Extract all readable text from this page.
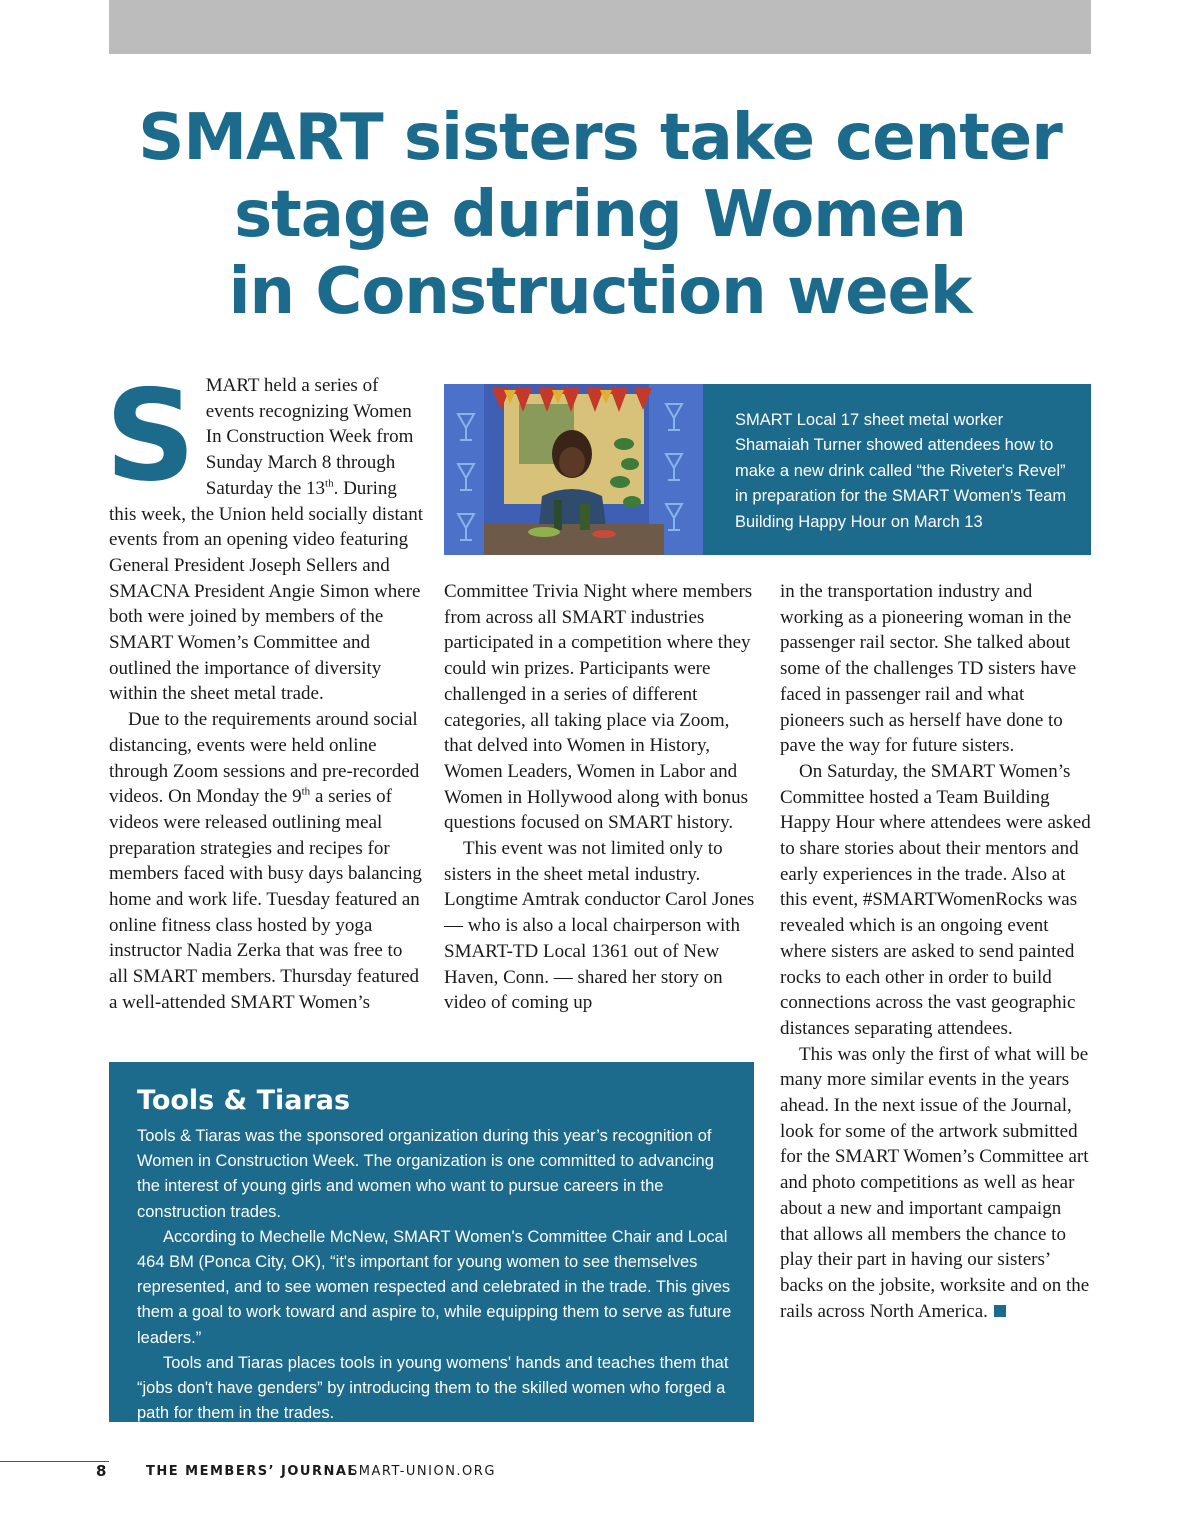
SMART sisters take center
stage during Women
in Construction week

SMART held a series of events recognizing Women In Construction Week from Sunday March 8 through Saturday the 13th. During this week, the Union held socially distant events from an opening video featuring General President Joseph Sellers and SMACNA President Angie Simon where both were joined by members of the SMART Women’s Committee and outlined the importance of diversity within the sheet metal trade.

Due to the requirements around social distancing, events were held online through Zoom sessions and pre-recorded videos. On Monday the 9th a series of videos were released outlining meal preparation strategies and recipes for members faced with busy days balancing home and work life. Tuesday featured an online fitness class hosted by yoga instructor Nadia Zerka that was free to all SMART members. Thursday featured a well-attended SMART Women’s

SMART Local 17 sheet metal worker Shamaiah Turner showed attendees how to make a new drink called “the Riveter's Revel” in preparation for the SMART Women's Team Building Happy Hour on March 13

Committee Trivia Night where members from across all SMART industries participated in a competition where they could win prizes. Participants were challenged in a series of different categories, all taking place via Zoom, that delved into Women in History, Women Leaders, Women in Labor and Women in Hollywood along with bonus questions focused on SMART history.

This event was not limited only to sisters in the sheet metal industry. Longtime Amtrak conductor Carol Jones — who is also a local chairperson with SMART-TD Local 1361 out of New Haven, Conn. — shared her story on video of coming up

in the transportation industry and working as a pioneering woman in the passenger rail sector. She talked about some of the challenges TD sisters have faced in passenger rail and what pioneers such as herself have done to pave the way for future sisters.

On Saturday, the SMART Women’s Committee hosted a Team Building Happy Hour where attendees were asked to share stories about their mentors and early experiences in the trade. Also at this event, #SMARTWomenRocks was revealed which is an ongoing event where sisters are asked to send painted rocks to each other in order to build connections across the vast geographic distances separating attendees.

This was only the first of what will be many more similar events in the years ahead. In the next issue of the Journal, look for some of the artwork submitted for the SMART Women’s Committee art and photo competitions as well as hear about a new and important campaign that allows all members the chance to play their part in having our sisters’ backs on the jobsite, worksite and on the rails across North America.

Tools & Tiaras

Tools & Tiaras was the sponsored organization during this year’s recognition of Women in Construction Week. The organization is one committed to advancing the interest of young girls and women who want to pursue careers in the construction trades.

According to Mechelle McNew, SMART Women's Committee Chair and Local 464 BM (Ponca City, OK), “it's important for young women to see themselves represented, and to see women respected and celebrated in the trade. This gives them a goal to work toward and aspire to, while equipping them to serve as future leaders.”

Tools and Tiaras places tools in young womens' hands and teaches them that “jobs don't have genders” by introducing them to the skilled women who forged a path for them in the trades.

8	THE MEMBERS’ JOURNAL
SMART-UNION.ORG
